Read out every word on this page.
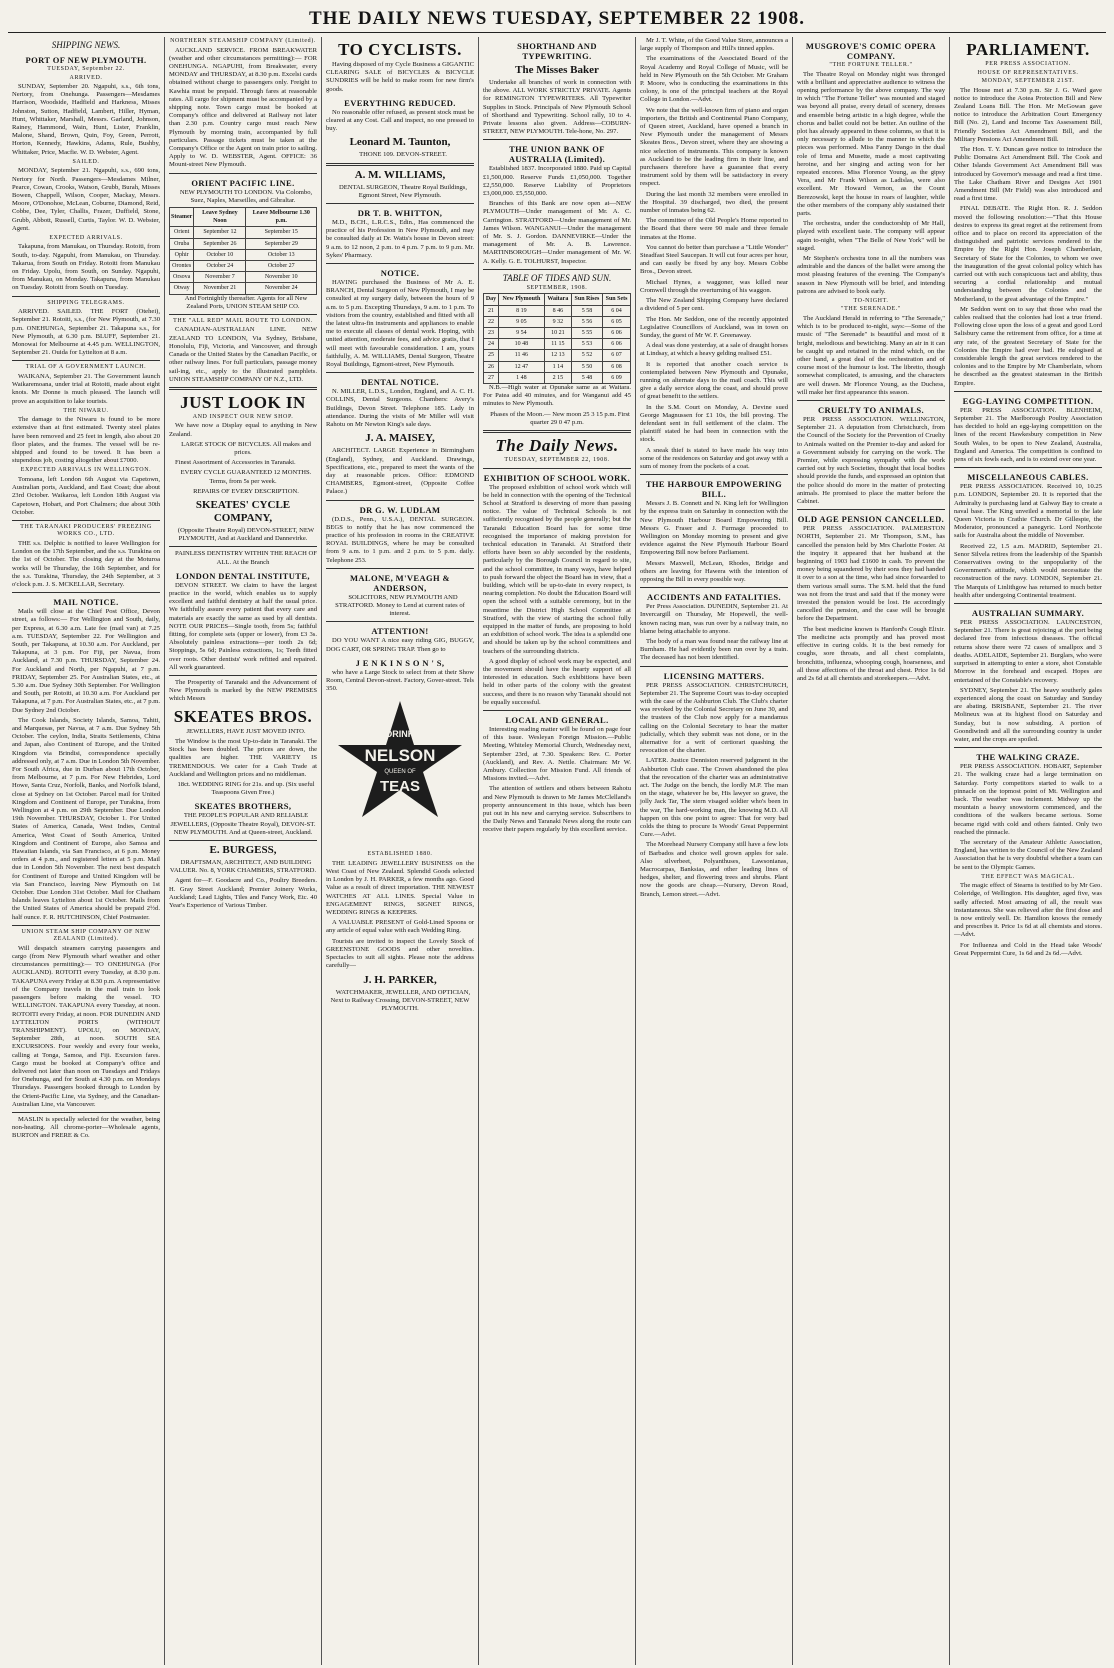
THE DAILY NEWS TUESDAY, SEPTEMBER 22 1908.
SHIPPING NEWS.
PORT OF NEW PLYMOUTH.
TUESDAY, September 22.
ARRIVED.

SUNDAY, September 20. Ngapuhi, s.s., 6th tons, Nertory, from Onehunga. Passengers—Mesdames Harrison, Woodside, Hadfield and Harkness, Misses Johnston, Sutton, Hadfield, Lambert, Hiller, Hyman, Hunt, Whittaker, Marshall, Messrs. Garland, Johnson, Rainey, Hammond, Wain, Hunt, Lister, Franklin, Malone, Shand, Brown, Quin, Foy, Green, Perrott, Horton, Kennedy, Hawkins, Adams, Rule, Bushby, Whittaker, Price, Macfie. W. D. Webster, Agent.

SAILED.

MONDAY, September 21. Ngapuhi, s.s., 690 tons, Nertory for North. Passengers—Mesdames Milner, Pearce, Cowan, Crooks, Watson, Grubb, Burah, Misses Bowen, Chappell, Wilson, Cooper, Mackay, Messrs. Moore, O'Donohoe, McLean, Coburne, Diamond, Reid, Cobbe, Dee, Tyler, Challis, Frazer, Duffield, Stone, Grubb, Abbott, Russell, Curtis, Taylor. W. D. Webster, Agent.

EXPECTED ARRIVALS.

Takapuna, from Manukau, on Thursday. Rotoiti, from South, to-day. Ngapuhi, from Manukau, on Thursday. Takarua, from South on Friday. Rotoiti from Manukau on Friday. Upolu, from South, on Sunday. Ngapuhi, from Manukau, on Monday. Takapuna, from Manukau on Tuesday. Rotoiti from South on Tuesday.

SHIPPING TELEGRAMS.

ARRIVED. SAILED. THE FORT (Otehei), September 21. Rotoiti, s.s., (for New Plymouth, at 7.30 p.m. ONEHUNGA, September 21. Takapuna s.s., for New Plymouth, at 6.30 p.m. BLUFF, September 21. Monowai for Melbourne at 4.45 p.m. WELLINGTON, September 21. Ouida for Lyttelton at 8 a.m.

TRIAL OF A GOVERNMENT LAUNCH.

WAIKANA, September 21. The Government launch Waikaremoana, under trial at Rotoiti, made about eight knots. Mr Donne is much pleased. The launch will prove an acquisition to lake tourists.

THE NIWARU.

The damage to the Niwaru is found to be more extensive than at first estimated. Twenty steel plates have been removed and 25 feet in length, also about 20 floor plates, and the frames. The vessel will be re-shipped and found to be towed. It has been a stupendous job, costing altogether about £7000.

EXPECTED ARRIVALS IN WELLINGTON.

Tomoana, left London 6th August via Capetown, Australian ports, Auckland, and East Coast; due about 23rd October. Waikaroa, left London 18th August via Capetown, Hobart, and Port Chalmers; due about 30th October.

THE TARANAKI PRODUCERS' FREEZING WORKS CO., LTD.

THE s.s. Delphic is notified to leave Wellington for London on the 17th September, and the s.s. Turakina on the 1st of October. The closing day at the Moturoa works will be Thursday, the 16th September, and for the s.s. Turakina, Thursday, the 24th September, at 3 o'clock p.m. J. S. MCKELLAR, Secretary.

MAIL NOTICE.

Mails will close at the Chief Post Office, Devon street, as follows:— For Wellington and South, daily, per Express, at 6.30 a.m. Late fee (mail van) at 7.25 a.m. TUESDAY, September 22. For Wellington and South, per Takapuna, at 10.30 a.m. For Auckland, per Takapuna, at 3 p.m. For Fiji, per Navua, from Auckland, at 7.30 p.m. THURSDAY, September 24. For Auckland and North, per Ngapuhi, at 7 p.m. FRIDAY, September 25. For Australian States, etc., at 5.30 a.m. Due Sydney 30th September. For Wellington and South, per Rotoiti, at 10.30 a.m. For Auckland per Takapuna, at 7 p.m. For Australian States, etc., at 7 p.m. Due Sydney 2nd October.

The Cook Islands, Society Islands, Samoa, Tahiti, and Marquesas, per Navua, at 7 a.m. Due Sydney 5th October. The ceylon, India, Straits Settlements, China and Japan, also Continent of Europe, and the United Kingdom via Brindisi, correspondence specially addressed only, at 7 a.m. Due in London 5th November. For South Africa, due in Durban about 17th October, from Melbourne, at 7 p.m. For New Hebrides, Lord Howe, Santa Cruz, Norfolk, Banks, and Norfolk Island, close at Sydney on 1st October. Parcel mail for United Kingdom and Continent of Europe, per Turakina, from Wellington at 4 p.m. on 29th September. Due London 19th November. THURSDAY, October 1. For United States of America, Canada, West Indies, Central America, West Coast of South America, United Kingdom and Continent of Europe, also Samoa and Hawaiian Islands, via San Francisco, at 6 p.m. Money orders at 4 p.m., and registered letters at 5 p.m. Mail due in London 5th November. The next best despatch for Continent of Europe and United Kingdom will be via San Francisco, leaving New Plymouth on 1st October. Due London 31st October. Mail for Chatham Islands leaves Lyttelton about 1st October. Mails from the United States of America should be prepaid 2½d. half ounce. F. R. HUTCHINSON, Chief Postmaster.

UNION STEAM SHIP COMPANY OF NEW ZEALAND (Limited).

Will despatch steamers carrying passengers and cargo (from New Plymouth wharf weather and other circumstances permitting):— TO ONEHUNGA (For AUCKLAND). ROTOITI every Tuesday, at 8.30 p.m. TAKAPUNA every Friday at 8.30 p.m. A representative of the Company travels in the mail train to look passengers before making the vessel. TO WELLINGTON. TAKAPUNA every Tuesday, at noon. ROTOITI every Friday, at noon. FOR DUNEDIN AND LYTTELTON PORTS (WITHOUT TRANSHIPMENT). UPOLU, on MONDAY, September 28th, at noon. SOUTH SEA EXCURSIONS. Four weekly and every four weeks, calling at Tonga, Samoa, and Fiji. Excursion fares. Cargo must be booked at Company's office and delivered not later than noon on Tuesdays and Fridays for Onehunga, and for South at 4.30 p.m. on Mondays Thursdays. Passengers booked through to London by the Orient-Pacific Line, via Sydney, and the Canadian-Australian Line, via Vancouver.

MASLIN is specially selected for the weather, being non-heating. All chrome-porter—Wholesale agents, BURTON and FRERE & Co.

NORTHERN STEAMSHIP COMPANY (Limited).

AUCKLAND SERVICE. FROM BREAKWATER (weather and other circumstances permitting):— FOR ONEHUNGA. NGAPUHI, from Breakwater, every MONDAY and THURSDAY, at 8.30 p.m. Excelsi cards obtained without charge to passengers only. Freight to Kawhia must be prepaid. Through fares at reasonable rates. All cargo for shipment must be accompanied by a shipping note. Town cargo must be booked at Company's office and delivered at Railway not later than 2.30 p.m. Country cargo must reach New Plymouth by morning train, accompanied by full particulars. Passage tickets must be taken at the Company's Office or the Agent on train prior to sailing. Apply to W. D. WEBSTER, Agent. OFFICE: 36 Mount-street New Plymouth.

ORIENT PACIFIC LINE.

NEW PLYMOUTH TO LONDON. Via Colombo, Suez, Naples, Marseilles, and Gibraltar.

Steamer	Leave Sydney Noon	Leave Melbourne 1.30 p.m.
Orient	September 12	September 15
Oruba	September 26	September 29
Ophir	October 10	October 13
Orontes	October 24	October 27
Orsova	November 7	November 10
Otway	November 21	November 24

And Fortnightly thereafter. Agents for all New Zealand Ports, UNION STEAM SHIP CO.

THE "ALL RED" MAIL ROUTE TO LONDON.

CANADIAN-AUSTRALIAN LINE. NEW ZEALAND TO LONDON, Via Sydney, Brisbane, Honolulu, Fiji, Victoria, and Vancouver, and through Canada or the United States by the Canadian Pacific, or other railway lines. For full particulars, passage money sail-ing, etc., apply to the illustrated pamphlets. UNION STEAMSHIP COMPANY OF N.Z., LTD.

JUST LOOK IN
AND INSPECT OUR NEW SHOP.

We have now a Display equal to anything in New Zealand.

LARGE STOCK OF BICYCLES. All makes and prices.

Finest Assortment of Accessories in Taranaki.

EVERY CYCLE GUARANTEED 12 MONTHS. Terms, from 5s per week.

REPAIRS OF EVERY DESCRIPTION.

SKEATES' CYCLE COMPANY,

(Opposite Theatre Royal) DEVON-STREET, NEW PLYMOUTH, And at Auckland and Dannevirke.

PAINLESS DENTISTRY WITHIN THE REACH OF ALL. At the Branch

LONDON DENTAL INSTITUTE,

DEVON STREET. We claim to have the largest practice in the world, which enables us to supply excellent and faithful dentistry at half the usual price. We faithfully assure every patient that every care and materials are exactly the same as used by all dentists. NOTE OUR PRICES—Single tooth, from 5s; faithful fitting, for complete sets (upper or lower), from £3 3s. Absolutely painless extractions—per tooth 2s 6d; Stoppings, 5s 6d; Painless extractions, 1s; Teeth fitted over roots. Other dentists' work refitted and repaired. All work guaranteed.

The Prosperity of Taranaki and the Advancement of New Plymouth is marked by the NEW PREMISES which Messrs

SKEATES BROS.

JEWELLERS, HAVE JUST MOVED INTO.

The Window is the most Up-to-date in Taranaki. The Stock has been doubled. The prices are down, the qualities are higher. THE VARIETY IS TREMENDOUS. We cater for a Cash Trade at Auckland and Wellington prices and no middleman.

18ct. WEDDING RING for 21s. and up. (Six useful Teaspoons Given Free.)

SKEATES BROTHERS,

THE PEOPLE'S POPULAR AND RELIABLE JEWELLERS, (Opposite Theatre Royal), DEVON-ST. NEW PLYMOUTH. And at Queen-street, Auckland.

E. BURGESS,

DRAFTSMAN, ARCHITECT, AND BUILDING VALUER. No. 8, YORK CHAMBERS, STRATFORD.

Agent for—F. Goodacre and Co., Poultry Breeders. H. Gray Street Auckland; Premier Joinery Works, Auckland; Lead Lights, Tiles and Fancy Work, Etc. 40 Year's Experience of Various Timber.

TO CYCLISTS.

Having disposed of my Cycle Business a GIGANTIC CLEARING SALE of BICYCLES & BICYCLE SUNDRIES will be held to make room for new firm's goods.

EVERYTHING REDUCED.

No reasonable offer refused, as present stock must be cleared at any Cost. Call and inspect, no one pressed to buy.

Leonard M. Taunton,

THONE 109. DEVON-STREET.

A. M. WILLIAMS,

DENTAL SURGEON, Theatre Royal Buildings, Egmont Street, New Plymouth.

DR T. B. WHITTON,

M.D., B.CH., L.R.C.S., Edin., Has commenced the practice of his Profession in New Plymouth, and may be consulted daily at Dr. Watts's house in Devon street: 9 a.m. to 12 noon, 2 p.m. to 4 p.m. 7 p.m. to 9 p.m. Mr. Sykes' Pharmacy.

NOTICE.

HAVING purchased the Business of Mr A. E. BRANCH, Dental Surgeon of New Plymouth, I may be consulted at my surgery daily, between the hours of 9 a.m. to 5 p.m. Excepting Thursdays, 9 a.m. to 1 p.m. To visitors from the country, established and fitted with all the latest ultra-fin instruments and appliances to enable me to execute all classes of dental work. Hoping, with united attention, moderate fees, and advice gratis, that I will meet with favourable consideration. I am, yours faithfully, A. M. WILLIAMS, Dental Surgeon, Theatre Royal Buildings, Egmont-street, New Plymouth.

DENTAL NOTICE.

N. MILLER, L.D.S., London, England, and A. C. H. COLLINS, Dental Surgeons. Chambers: Avery's Buildings, Devon Street. Telephone 185. Lady in attendance. During the visits of Mr Miller will visit Rahotu on Mr Newton King's sale days.

J. A. MAISEY,

ARCHITECT. LARGE Experience in Birmingham (England), Sydney, and Auckland. Drawings, Specifications, etc., prepared to meet the wants of the day at reasonable prices. Office: EDMOND CHAMBERS, Egmont-street, (Opposite Coffee Palace.)

DR G. W. LUDLAM

(D.D.S., Penn., U.S.A.), DENTAL SURGEON. BEGS to notify that he has now commenced the practice of his profession in rooms in the CREATIVE ROYAL BUILDINGS, where he may be consulted from 9 a.m. to 1 p.m. and 2 p.m. to 5 p.m. daily. Telephone 253.

MALONE, M'VEAGH & ANDERSON,

SOLICITORS, NEW PLYMOUTH AND STRATFORD. Money to Lend at current rates of interest.

ATTENTION!

DO YOU WANT A nice easy riding GIG, BUGGY, DOG CART, OR SPRING TRAP. Then go to

J E N K I N S O N ' S,

who have a Large Stock to select from at their Show Room, Central Devon-street. Factory, Gover-street. Tels 350.

DRINK
NELSON
QUEEN OF
TEAS
ESTABLISHED 1880.

THE LEADING JEWELLERY BUSINESS on the West Coast of New Zealand. Splendid Goods selected in London by J. H. PARKER, a few months ago. Good Value as a result of direct importation. THE NEWEST WATCHES AT ALL LINES. Special Value in ENGAGEMENT RINGS, SIGNET RINGS, WEDDING RINGS & KEEPERS.

A VALUABLE PRESENT of Gold-Lined Spoons or any article of equal value with each Wedding Ring.

Tourists are invited to inspect the Lovely Stock of GREENSTONE GOODS and other novelties. Spectacles to suit all sights. Please note the address carefully—

J. H. PARKER,

WATCHMAKER, JEWELLER, AND OPTICIAN, Next to Railway Crossing, DEVON-STREET, NEW PLYMOUTH.

SHORTHAND AND TYPEWRITING.
The Misses Baker

Undertake all branches of work in connection with the above. ALL WORK STRICTLY PRIVATE. Agents for REMINGTON TYPEWRITERS. All Typewriter Supplies in Stock. Principals of New Plymouth School of Shorthand and Typewriting. School rally, 10 to 4. Private lessons also given. Address—COBURN-STREET, NEW PLYMOUTH. Tele-hone, No. 297.

THE UNION BANK OF AUSTRALIA (Limited).

Established 1837. Incorporated 1880. Paid up Capital £1,500,000. Reserve Funds £1,050,000. Together £2,550,000. Reserve Liability of Proprietors £3,000,000. £5,550,000.

Branches of this Bank are now open at—NEW PLYMOUTH—Under management of Mr. A. C. Carrington. STRATFORD—Under management of Mr. James Wilson. WANGANUI—Under the management of Mr. S. J. Gordon. DANNEVIRKE—Under the management of Mr. A. B. Lawrence. MARTINBOROUGH—Under management of Mr. W. A. Kelly. G. E. TOLHURST, Inspector.

TABLE OF TIDES AND SUN.
SEPTEMBER, 1908.
Day	New Plymouth	Waitara	Sun Rises	Sun Sets
21	8 19	8 46	5 58	6 04
22	9 05	9 32	5 56	6 05
23	9 54	10 21	5 55	6 06
24	10 48	11 15	5 53	6 06
25	11 46	12 13	5 52	6 07
26	12 47	1 14	5 50	6 08
27	1 48	2 15	5 48	6 09

N.B.—High water at Opunake same as at Waitara. For Patea add 40 minutes, and for Wanganui add 45 minutes to New Plymouth.

Phases of the Moon.— New moon 25 3 15 p.m. First quarter 29 0 47 p.m.

The Daily News.
TUESDAY, SEPTEMBER 22, 1908.
EXHIBITION OF SCHOOL WORK.

The proposed exhibition of school work which will be held in connection with the opening of the Technical School at Stratford is deserving of more than passing notice. The value of Technical Schools is not sufficiently recognised by the people generally; but the Taranaki Education Board has for some time recognised the importance of making provision for technical education in Taranaki. At Stratford their efforts have been so ably seconded by the residents, particularly by the Borough Council in regard to site, and the school committee, in many ways, have helped to push forward the object the Board has in view, that a building, which will be up-to-date in every respect, is nearing completion. No doubt the Education Board will open the school with a suitable ceremony, but in the meantime the District High School Committee at Stratford, with the view of starting the school fully equipped in the matter of funds, are proposing to hold an exhibition of school work. The idea is a splendid one and should be taken up by the school committees and teachers of the surrounding districts.

A good display of school work may be expected, and the movement should have the hearty support of all interested in education. Such exhibitions have been held in other parts of the colony with the greatest success, and there is no reason why Taranaki should not be equally successful.

LOCAL AND GENERAL.

Interesting reading matter will be found on page four of this issue. Wesleyan Foreign Mission.—Public Meeting, Whiteley Memorial Church, Wednesday next, September 23rd, at 7.30. Speakers: Rev. C. Porter (Auckland), and Rev. A. Nettle. Chairman: Mr W. Ambury. Collection for Mission Fund. All friends of Missions invited.—Advt.

The attention of settlers and others between Rahotu and New Plymouth is drawn to Mr James McClelland's property announcement in this issue, which has been put out in his new and carrying service. Subscribers to the Daily News and Taranaki News along the route can receive their papers regularly by this excellent service.

Mr J. T. White, of the Good Value Store, announces a large supply of Thompson and Hill's tinned apples.

The examinations of the Associated Board of the Royal Academy and Royal College of Music, will be held in New Plymouth on the 5th October. Mr Graham P. Moore, who is conducting the examinations in this colony, is one of the principal teachers at the Royal College in London.—Advt.

We note that the well-known firm of piano and organ importers, the British and Continental Piano Company, of Queen street, Auckland, have opened a branch in New Plymouth under the management of Messrs Skeates Bros., Devon street, where they are showing a nice selection of instruments. This company is known as Auckland to be the leading firm in their line, and purchasers therefore have a guarantee that every instrument sold by them will be satisfactory in every respect.

During the last month 32 members were enrolled in the Hospital. 39 discharged, two died, the present number of inmates being 62.

The committee of the Old People's Home reported to the Board that there were 90 male and three female inmates at the Home.

You cannot do better than purchase a "Little Wonder" Steadfast Steel Saucepan. It will cut four acres per hour, and can easily be fixed by any boy. Messrs Cobbe Bros., Devon street.

Michael Hynes, a waggoner, was killed near Cromwell through the overturning of his waggon.

The New Zealand Shipping Company have declared a dividend of 5 per cent.

The Hon. Mr Seddon, one of the recently appointed Legislative Councillors of Auckland, was in town on Sunday, the guest of Mr W. F. Greenaway.

A deal was done yesterday, at a sale of draught horses at Lindsay, at which a heavy gelding realised £51.

It is reported that another coach service is contemplated between New Plymouth and Opunake, running on alternate days to the mail coach. This will give a daily service along the coast, and should prove of great benefit to the settlers.

In the S.M. Court on Monday, A. Devine sued George Magnussen for £1 10s, the bill proving. The defendant sent in full settlement of the claim. The plaintiff stated he had been in connection with the stock.

A sneak thief is stated to have made his way into some of the residences on Saturday and got away with a sum of money from the pockets of a coat.

THE HARBOUR EMPOWERING BILL.

Messrs J. B. Connett and N. King left for Wellington by the express train on Saturday in connection with the New Plymouth Harbour Board Empowering Bill. Messrs G. Fraser and J. Furmage proceeded to Wellington on Monday morning to present and give evidence against the New Plymouth Harbour Board Empowering Bill now before Parliament.

Messrs Maxwell, McLean, Rhodes, Bridge and others are leaving for Hawera with the intention of opposing the Bill in every possible way.

ACCIDENTS AND FATALITIES.

Per Press Association. DUNEDIN, September 21. At Invercargill on Thursday, Mr Hopewell, the well-known racing man, was run over by a railway train, no blame being attachable to anyone.

The body of a man was found near the railway line at Burnham. He had evidently been run over by a train. The deceased has not been identified.

LICENSING MATTERS.

PER PRESS ASSOCIATION. CHRISTCHURCH, September 21. The Supreme Court was to-day occupied with the case of the Ashburton Club. The Club's charter was revoked by the Colonial Secretary on June 30, and the trustees of the Club now apply for a mandamus calling on the Colonial Secretary to hear the matter judicially, which they submit was not done, or in the alternative for a writ of certiorari quashing the revocation of the charter.

LATER. Justice Denniston reserved judgment in the Ashburton Club case. The Crown abandoned the plea that the revocation of the charter was an administrative act. The Judge on the bench, the lordly M.P. The man on the stage, whatever he be, His lawyer so grave, the jolly Jack Tar, The stern visaged soldier who's been in the war, The hard-working man, the knowing M.D. All happen on this one point to agree: That for very bad colds the thing to procure Is Woods' Great Peppermint Cure.—Advt.

The Morehead Nursery Company still have a few lots of Barbados and choice well grown apples for sale. Also silverbeet, Polyanthuses, Lawsonianas, Macrocarpas, Banksias, and other leading lines of hedges, shelter, and flowering trees and shrubs. Plant now the goods are cheap.—Nursery, Devon Road, Branch, Lemon street.—Advt.

MUSGROVE'S COMIC OPERA COMPANY.
"THE FORTUNE TELLER."

The Theatre Royal on Monday night was thronged with a brilliant and appreciative audience to witness the opening performance by the above company. The way in which "The Fortune Teller" was mounted and staged was beyond all praise, every detail of scenery, dresses and ensemble being artistic in a high degree, while the chorus and ballet could not be better. An outline of the plot has already appeared in these columns, so that it is only necessary to allude to the manner in which the pieces was performed. Miss Fanny Dango in the dual role of Irma and Musette, made a most captivating heroine, and her singing and acting won for her repeated encores. Miss Florence Young, as the gipsy Vera, and Mr Frank Wilson as Ladislas, were also excellent. Mr Howard Vernon, as the Count Berezowski, kept the house in roars of laughter, while the other members of the company ably sustained their parts.

The orchestra, under the conductorship of Mr Hall, played with excellent taste. The company will appear again to-night, when "The Belle of New York" will be staged.

Mr Stephen's orchestra tone in all the numbers was admirable and the dances of the ballet were among the most pleasing features of the evening. The Company's season in New Plymouth will be brief, and intending patrons are advised to book early.

TO-NIGHT.
"THE SERENADE."

The Auckland Herald in referring to "The Serenade," which is to be produced to-night, says:—Some of the music of "The Serenade" is beautiful and most of it bright, melodious and bewitching. Many an air in it can be caught up and retained in the mind which, on the other hand, a great deal of the orchestration and of course most of the humour is lost. The libretto, though somewhat complicated, is amusing, and the characters are well drawn. Mr Florence Young, as the Duchess, will make her first appearance this season.

CRUELTY TO ANIMALS.

PER PRESS ASSOCIATION. WELLINGTON, September 21. A deputation from Christchurch, from the Council of the Society for the Prevention of Cruelty to Animals waited on the Premier to-day and asked for a Government subsidy for carrying on the work. The Premier, while expressing sympathy with the work carried out by such Societies, thought that local bodies should provide the funds, and expressed an opinion that the police should do more in the matter of protecting animals. He promised to place the matter before the Cabinet.

OLD AGE PENSION CANCELLED.

PER PRESS ASSOCIATION. PALMERSTON NORTH, September 21. Mr Thompson, S.M., has cancelled the pension held by Mrs Charlotte Foster. At the inquiry it appeared that her husband at the beginning of 1903 had £1600 in cash. To prevent the money being squandered by their sons they had handed it over to a son at the time, who had since forwarded to them various small sums. The S.M. held that the fund was not from the trust and said that if the money were invested the pension would be lost. He accordingly cancelled the pension, and the case will be brought before the Department.

The best medicine known is Hanford's Cough Elixir. The medicine acts promptly and has proved most effective in curing colds. It is the best remedy for coughs, sore throats, and all chest complaints, bronchitis, influenza, whooping cough, hoarseness, and all those affections of the throat and chest. Price 1s 6d and 2s 6d at all chemists and storekeepers.—Advt.

PARLIAMENT.
PER PRESS ASSOCIATION.
HOUSE OF REPRESENTATIVES.
MONDAY, SEPTEMBER 21ST.

The House met at 7.30 p.m. Sir J. G. Ward gave notice to introduce the Aotea Protection Bill and New Zealand Loans Bill. The Hon. Mr McGowan gave notice to introduce the Arbitration Court Emergency Bill (No. 2), Land and Income Tax Assessment Bill, Friendly Societies Act Amendment Bill, and the Military Pensions Act Amendment Bill.

The Hon. T. Y. Duncan gave notice to introduce the Public Domains Act Amendment Bill. The Cook and Other Islands Government Act Amendment Bill was introduced by Governor's message and read a first time. The Lake Chatham River and Designs Act 1901 Amendment Bill (Mr Field) was also introduced and read a first time.

FINAL DEBATE. The Right Hon. R. J. Seddon moved the following resolution:—"That this House desires to express its great regret at the retirement from office and to place on record its appreciation of the distinguished and patriotic services rendered to the Empire by the Right Hon. Joseph Chamberlain, Secretary of State for the Colonies, to whom we owe the inauguration of the great colonial policy which has carried out with such conspicuous tact and ability, thus securing a cordial relationship and mutual understanding between the Colonies and the Motherland, to the great advantage of the Empire."

Mr Seddon went on to say that those who read the cables realised that the colonies had lost a true friend. Following close upon the loss of a great and good Lord Salisbury came the retirement from office, for a time at any rate, of the greatest Secretary of State for the Colonies the Empire had ever had. He eulogised at considerable length the great services rendered to the colonies and to the Empire by Mr Chamberlain, whom he described as the greatest statesman in the British Empire.

EGG-LAYING COMPETITION.

PER PRESS ASSOCIATION. BLENHEIM, September 21. The Marlborough Poultry Association has decided to hold an egg-laying competition on the lines of the recent Hawkesbury competition in New South Wales, to be open to New Zealand, Australia, England and America. The competition is confined to pens of six fowls each, and is to extend over one year.

MISCELLANEOUS CABLES.

PER PRESS ASSOCIATION. Received 10, 10.25 p.m. LONDON, September 20. It is reported that the Admiralty is purchasing land at Galway Bay to create a naval base. The King unveiled a memorial to the late Queen Victoria in Crathie Church. Dr Gillespie, the Moderator, pronounced a panegyric. Lord Northcote sails for Australia about the middle of November.

Received 22, 1.5 a.m. MADRID, September 21. Senor Silvela retires from the leadership of the Spanish Conservatives owing to the unpopularity of the Government's attitude, which would necessitate the reconstruction of the navy. LONDON, September 21. The Marquis of Linlithgow has returned to much better health after undergoing Continental treatment.

AUSTRALIAN SUMMARY.

PER PRESS ASSOCIATION. LAUNCESTON, September 21. There is great rejoicing at the port being declared free from infectious diseases. The official returns show there were 72 cases of smallpox and 3 deaths. ADELAIDE, September 21. Burglars, who were surprised in attempting to enter a store, shot Constable Morrow in the forehead and escaped. Hopes are entertained of the Constable's recovery.

SYDNEY, September 21. The heavy southerly gales experienced along the coast on Saturday and Sunday are abating. BRISBANE, September 21. The river Molineux was at its highest flood on Saturday and Sunday, but is now subsiding. A portion of Goondiwindi and all the surrounding country is under water, and the crops are spoiled.

THE WALKING CRAZE.

PER PRESS ASSOCIATION. HOBART, September 21. The walking craze had a large termination on Saturday. Forty competitors started to walk to a pinnacle on the topmost point of Mt. Wellington and back. The weather was inclement. Midway up the mountain a heavy snowstorm commenced, and the conditions of the walkers became serious. Some became rigid with cold and others fainted. Only two reached the pinnacle.

The secretary of the Amateur Athletic Association, England, has written to the Council of the New Zealand Association that he is very doubtful whether a team can be sent to the Olympic Games.

THE EFFECT WAS MAGICAL.

The magic effect of Stearns is testified to by Mr Geo. Coleridge, of Wellington. His daughter, aged five, was sadly affected. Most amazing of all, the result was instantaneous. She was relieved after the first dose and is now entirely well. Dr. Hamilton knows the remedy and prescribes it. Price 1s 6d at all chemists and stores.—Advt.

For Influenza and Cold in the Head take Woods' Great Peppermint Cure, 1s 6d and 2s 6d.—Advt.
